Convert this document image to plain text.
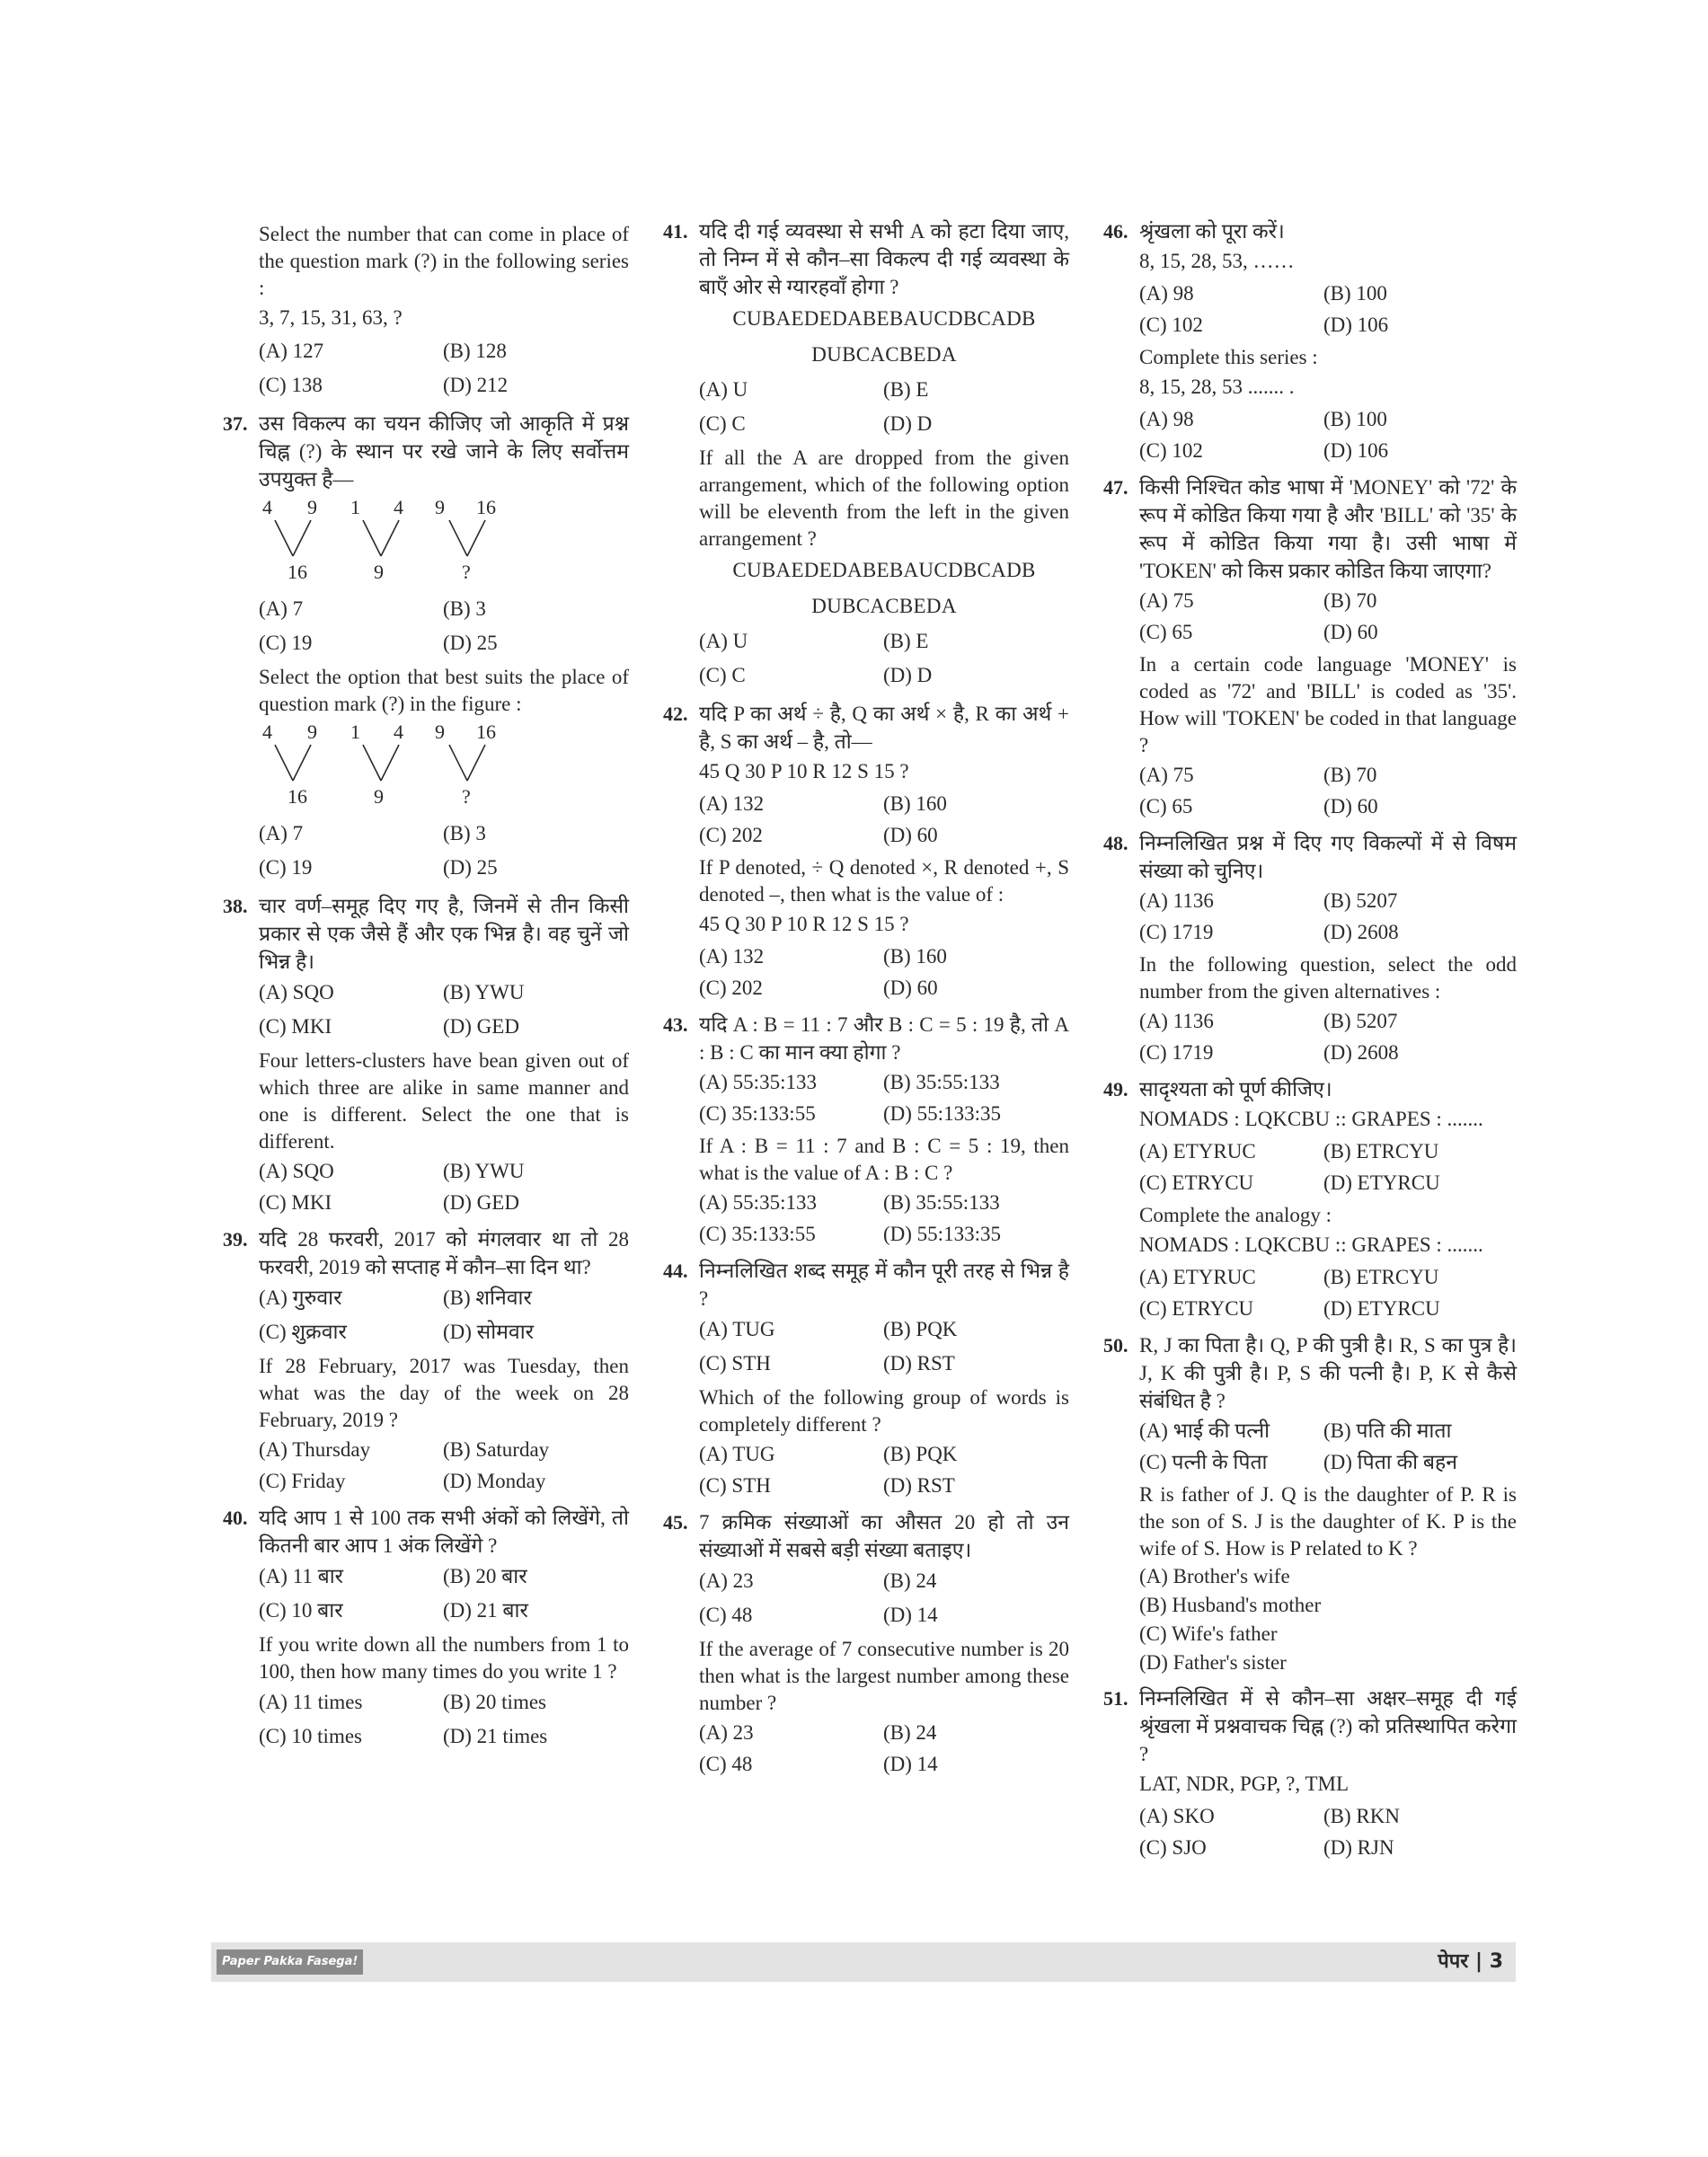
Select the number that can come in place of the question mark (?) in the following series :
3, 7, 15, 31, 63, ?
(A) 127	(B) 128
(C) 138	(D) 212
37. उस विकल्प का चयन कीजिए जो आकृति में प्रश्न चिह्न (?) के स्थान पर रखे जाने के लिए सर्वोत्तम उपयुक्त है—
4 9
16
1 4
9
9 16
?
(A) 7	(B) 3
(C) 19	(D) 25
Select the option that best suits the place of question mark (?) in the figure :
4 9
16
1 4
9
9 16
?
(A) 7	(B) 3
(C) 19	(D) 25
38. चार वर्ण–समूह दिए गए है, जिनमें से तीन किसी प्रकार से एक जैसे हैं और एक भिन्न है। वह चुनें जो भिन्न है।
(A) SQO	(B) YWU
(C) MKI	(D) GED
Four letters-clusters have bean given out of which three are alike in same manner and one is different. Select the one that is different.
(A) SQO	(B) YWU
(C) MKI	(D) GED
39. यदि 28 फरवरी, 2017 को मंगलवार था तो 28 फरवरी, 2019 को सप्ताह में कौन–सा दिन था?
(A) गुरुवार	(B) शनिवार
(C) शुक्रवार	(D) सोमवार
If 28 February, 2017 was Tuesday, then what was the day of the week on 28 February, 2019 ?
(A) Thursday	(B) Saturday
(C) Friday	(D) Monday
40. यदि आप 1 से 100 तक सभी अंकों को लिखेंगे, तो कितनी बार आप 1 अंक लिखेंगे ?
(A) 11 बार	(B) 20 बार
(C) 10 बार	(D) 21 बार
If you write down all the numbers from 1 to 100, then how many times do you write 1 ?
(A) 11 times	(B) 20 times
(C) 10 times	(D) 21 times
41. यदि दी गई व्यवस्था से सभी A को हटा दिया जाए, तो निम्न में से कौन–सा विकल्प दी गई व्यवस्था के बाएँ ओर से ग्यारहवाँ होगा ?
CUBAEDEDABEBAUCDBCADB
DUBCACBEDA
(A) U	(B) E
(C) C	(D) D
If all the A are dropped from the given arrangement, which of the following option will be eleventh from the left in the given arrangement ?
CUBAEDEDABEBAUCDBCADB
DUBCACBEDA
(A) U	(B) E
(C) C	(D) D
42. यदि P का अर्थ ÷ है, Q का अर्थ × है, R का अर्थ + है, S का अर्थ – है, तो—
45 Q 30 P 10 R 12 S 15 ?
(A) 132	(B) 160
(C) 202	(D) 60
If P denoted, ÷ Q denoted ×, R denoted +, S denoted –, then what is the value of :
45 Q 30 P 10 R 12 S 15 ?
(A) 132	(B) 160
(C) 202	(D) 60
43. यदि A : B = 11 : 7 और B : C = 5 : 19 है, तो A : B : C का मान क्या होगा ?
(A) 55:35:133	(B) 35:55:133
(C) 35:133:55	(D) 55:133:35
If A : B = 11 : 7 and B : C = 5 : 19, then what is the value of A : B : C ?
(A) 55:35:133	(B) 35:55:133
(C) 35:133:55	(D) 55:133:35
44. निम्नलिखित शब्द समूह में कौन पूरी तरह से भिन्न है ?
(A) TUG	(B) PQK
(C) STH	(D) RST
Which of the following group of words is completely different ?
(A) TUG	(B) PQK
(C) STH	(D) RST
45. 7 क्रमिक संख्याओं का औसत 20 हो तो उन संख्याओं में सबसे बड़ी संख्या बताइए।
(A) 23	(B) 24
(C) 48	(D) 14
If the average of 7 consecutive number is 20 then what is the largest number among these number ?
(A) 23	(B) 24
(C) 48	(D) 14
46. श्रृंखला को पूरा करें।
8, 15, 28, 53, ……
(A) 98	(B) 100
(C) 102	(D) 106
Complete this series :
8, 15, 28, 53 ....... .
(A) 98	(B) 100
(C) 102	(D) 106
47. किसी निश्चित कोड भाषा में 'MONEY' को '72' के रूप में कोडित किया गया है और 'BILL' को '35' के रूप में कोडित किया गया है। उसी भाषा में 'TOKEN' को किस प्रकार कोडित किया जाएगा?
(A) 75	(B) 70
(C) 65	(D) 60
In a certain code language 'MONEY' is coded as '72' and 'BILL' is coded as '35'. How will 'TOKEN' be coded in that language ?
(A) 75	(B) 70
(C) 65	(D) 60
48. निम्नलिखित प्रश्न में दिए गए विकल्पों में से विषम संख्या को चुनिए।
(A) 1136	(B) 5207
(C) 1719	(D) 2608
In the following question, select the odd number from the given alternatives :
(A) 1136	(B) 5207
(C) 1719	(D) 2608
49. सादृश्यता को पूर्ण कीजिए।
NOMADS : LQKCBU :: GRAPES : .......
(A) ETYRUC	(B) ETRCYU
(C) ETRYCU	(D) ETYRCU
Complete the analogy :
NOMADS : LQKCBU :: GRAPES : .......
(A) ETYRUC	(B) ETRCYU
(C) ETRYCU	(D) ETYRCU
50. R, J का पिता है। Q, P की पुत्री है। R, S का पुत्र है। J, K की पुत्री है। P, S की पत्नी है। P, K से कैसे संबंधित है ?
(A) भाई की पत्नी	(B) पति की माता
(C) पत्नी के पिता	(D) पिता की बहन
R is father of J. Q is the daughter of P. R is the son of S. J is the daughter of K. P is the wife of S. How is P related to K ?
(A) Brother's wife
(B) Husband's mother
(C) Wife's father
(D) Father's sister
51. निम्नलिखित में से कौन–सा अक्षर–समूह दी गई श्रृंखला में प्रश्नवाचक चिह्न (?) को प्रतिस्थापित करेगा ?
LAT, NDR, PGP, ?, TML
(A) SKO	(B) RKN
(C) SJO	(D) RJN
Paper Pakka Fasega!	पेपर | 3
